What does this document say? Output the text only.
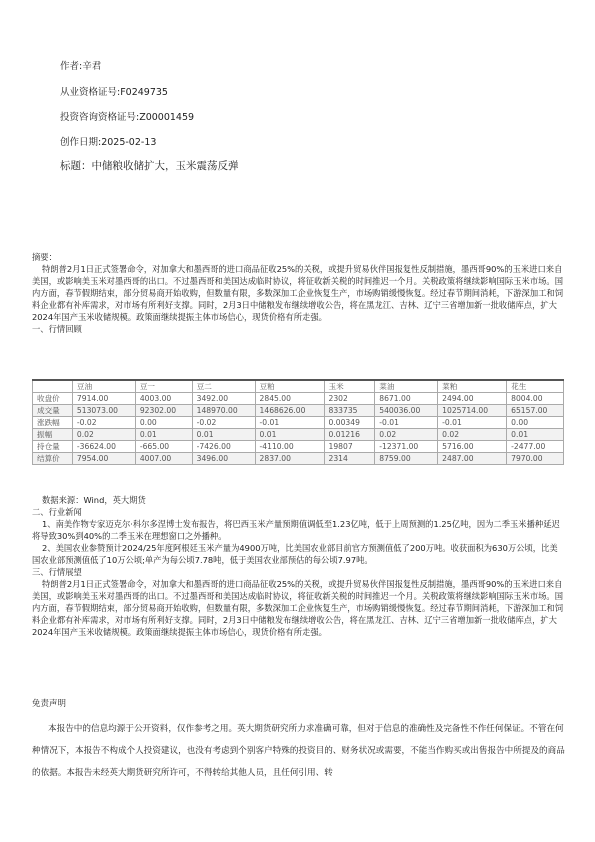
作者:辛君
从业资格证号:F0249735
投资咨询资格证号:Z00001459
创作日期:2025-02-13
标题：中储粮收储扩大，玉米震荡反弹

摘要：

特朗普2月1日正式签署命令，对加拿大和墨西哥的进口商品征收25%的关税，或提升贸易伙伴国报复性反制措施，墨西哥90%的玉米进口来自美国，或影响美玉米对墨西哥的出口。不过墨西哥和美国达成临时协议，将征收新关税的时间推迟一个月。关税政策将继续影响国际玉米市场。国内方面，春节假期结束，部分贸易商开始收购，但数量有限，多数深加工企业恢复生产，市场购销缓慢恢复。经过春节期间消耗，下游深加工和饲料企业都有补库需求，对市场有所利好支撑。同时，2月3日中储粮发布继续增收公告，将在黑龙江、吉林、辽宁三省增加新一批收储库点，扩大2024年国产玉米收储规模。政策面继续提振主体市场信心，现货价格有所走强。

一、行情回顾

	豆油	豆一	豆二	豆粕	玉米	菜油	菜粕	花生
收盘价	7914.00	4003.00	3492.00	2845.00	2302	8671.00	2494.00	8004.00
成交量	513073.00	92302.00	148970.00	1468626.00	833735	540036.00	1025714.00	65157.00
涨跌幅	-0.02	0.00	-0.02	-0.01	0.00349	-0.01	-0.01	0.00
振幅	0.02	0.01	0.01	0.01	0.01216	0.02	0.02	0.01
持仓量	-36624.00	-665.00	-7426.00	-4110.00	19807	-12371.00	5716.00	-2477.00
结算价	7954.00	4007.00	3496.00	2837.00	2314	8759.00	2487.00	7970.00

数据来源：Wind，英大期货

二、行业新闻

1、南美作物专家迈克尔·科尔多涅博士发布报告，将巴西玉米产量预期值调低至1.23亿吨，低于上周预测的1.25亿吨，因为二季玉米播种延迟将导致30%到40%的二季玉米在理想窗口之外播种。

2、美国农业参赞预计2024/25年度阿根廷玉米产量为4900万吨，比美国农业部目前官方预测值低了200万吨。收获面积为630万公顷，比美国农业部预测值低了10万公顷;单产为每公顷7.78吨，低于美国农业部预估的每公顷7.97吨。

三、行情展望

特朗普2月1日正式签署命令，对加拿大和墨西哥的进口商品征收25%的关税，或提升贸易伙伴国报复性反制措施，墨西哥90%的玉米进口来自美国，或影响美玉米对墨西哥的出口。不过墨西哥和美国达成临时协议，将征收新关税的时间推迟一个月。关税政策将继续影响国际玉米市场。国内方面，春节假期结束，部分贸易商开始收购，但数量有限，多数深加工企业恢复生产，市场购销缓慢恢复。经过春节期间消耗，下游深加工和饲料企业都有补库需求，对市场有所利好支撑。同时，2月3日中储粮发布继续增收公告，将在黑龙江、吉林、辽宁三省增加新一批收储库点，扩大2024年国产玉米收储规模。政策面继续提振主体市场信心，现货价格有所走强。

免责声明

本报告中的信息均源于公开资料，仅作参考之用。英大期货研究所力求准确可靠，但对于信息的准确性及完备性不作任何保证。不管在何种情况下，本报告不构成个人投资建议，也没有考虑到个别客户特殊的投资目的、财务状况或需要，不能当作购买或出售报告中所提及的商品的依据。本报告未经英大期货研究所许可，不得转给其他人员，且任何引用、转
